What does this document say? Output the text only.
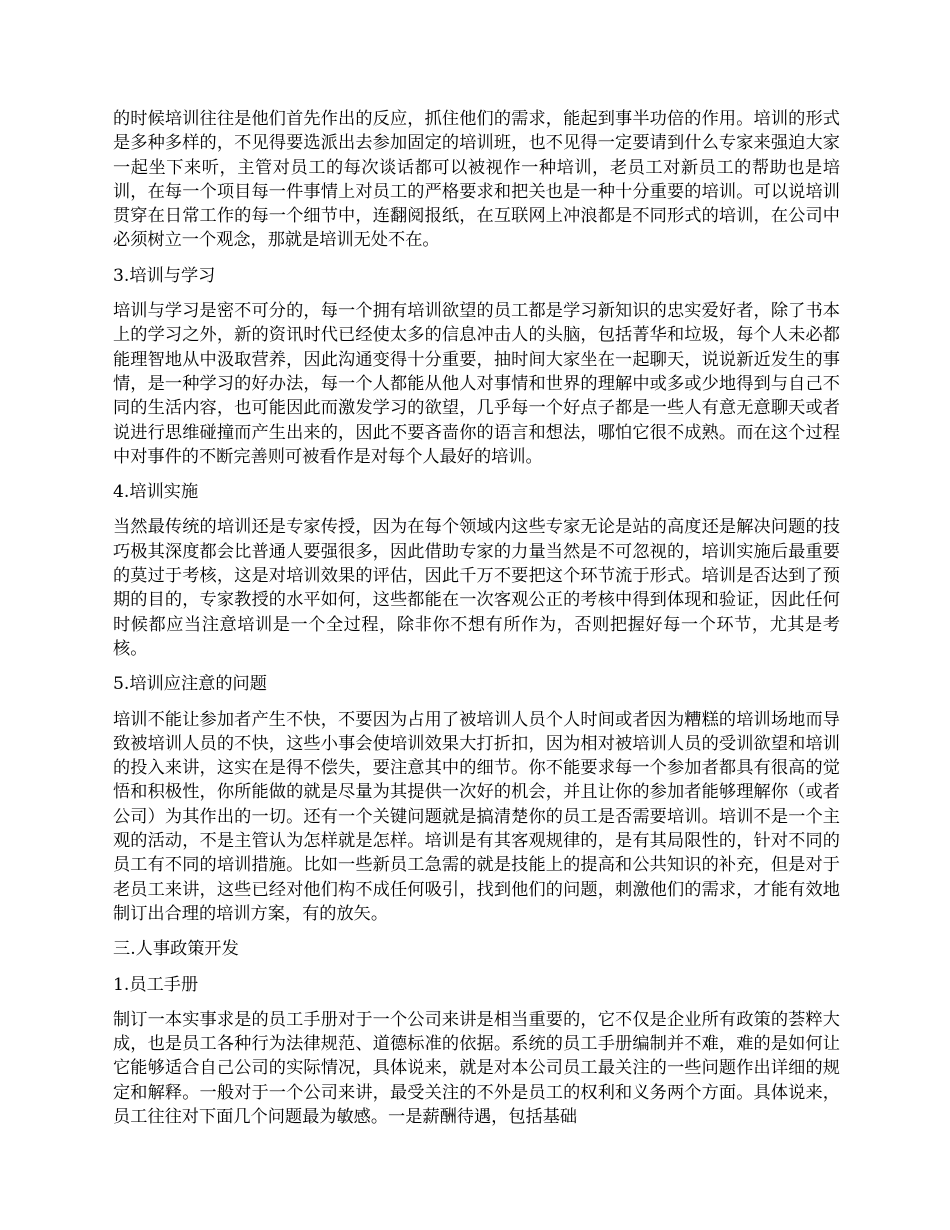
的时候培训往往是他们首先作出的反应，抓住他们的需求，能起到事半功倍的作用。培训的形式是多种多样的，不见得要选派出去参加固定的培训班，也不见得一定要请到什么专家来强迫大家一起坐下来听，主管对员工的每次谈话都可以被视作一种培训，老员工对新员工的帮助也是培训，在每一个项目每一件事情上对员工的严格要求和把关也是一种十分重要的培训。可以说培训贯穿在日常工作的每一个细节中，连翻阅报纸，在互联网上冲浪都是不同形式的培训，在公司中必须树立一个观念，那就是培训无处不在。

3.培训与学习

培训与学习是密不可分的，每一个拥有培训欲望的员工都是学习新知识的忠实爱好者，除了书本上的学习之外，新的资讯时代已经使太多的信息冲击人的头脑，包括菁华和垃圾，每个人未必都能理智地从中汲取营养，因此沟通变得十分重要，抽时间大家坐在一起聊天，说说新近发生的事情，是一种学习的好办法，每一个人都能从他人对事情和世界的理解中或多或少地得到与自己不同的生活内容，也可能因此而激发学习的欲望，几乎每一个好点子都是一些人有意无意聊天或者说进行思维碰撞而产生出来的，因此不要吝啬你的语言和想法，哪怕它很不成熟。而在这个过程中对事件的不断完善则可被看作是对每个人最好的培训。

4.培训实施

当然最传统的培训还是专家传授，因为在每个领域内这些专家无论是站的高度还是解决问题的技巧极其深度都会比普通人要强很多，因此借助专家的力量当然是不可忽视的，培训实施后最重要的莫过于考核，这是对培训效果的评估，因此千万不要把这个环节流于形式。培训是否达到了预期的目的，专家教授的水平如何，这些都能在一次客观公正的考核中得到体现和验证，因此任何时候都应当注意培训是一个全过程，除非你不想有所作为，否则把握好每一个环节，尤其是考核。

5.培训应注意的问题

培训不能让参加者产生不快，不要因为占用了被培训人员个人时间或者因为糟糕的培训场地而导致被培训人员的不快，这些小事会使培训效果大打折扣，因为相对被培训人员的受训欲望和培训的投入来讲，这实在是得不偿失，要注意其中的细节。你不能要求每一个参加者都具有很高的觉悟和积极性，你所能做的就是尽量为其提供一次好的机会，并且让你的参加者能够理解你（或者公司）为其作出的一切。还有一个关键问题就是搞清楚你的员工是否需要培训。培训不是一个主观的活动，不是主管认为怎样就是怎样。培训是有其客观规律的，是有其局限性的，针对不同的员工有不同的培训措施。比如一些新员工急需的就是技能上的提高和公共知识的补充，但是对于老员工来讲，这些已经对他们构不成任何吸引，找到他们的问题，刺激他们的需求，才能有效地制订出合理的培训方案，有的放矢。

三.人事政策开发

1.员工手册

制订一本实事求是的员工手册对于一个公司来讲是相当重要的，它不仅是企业所有政策的荟粹大成，也是员工各种行为法律规范、道德标准的依据。系统的员工手册编制并不难，难的是如何让它能够适合自己公司的实际情况，具体说来，就是对本公司员工最关注的一些问题作出详细的规定和解释。一般对于一个公司来讲，最受关注的不外是员工的权利和义务两个方面。具体说来，员工往往对下面几个问题最为敏感。一是薪酬待遇，包括基础
